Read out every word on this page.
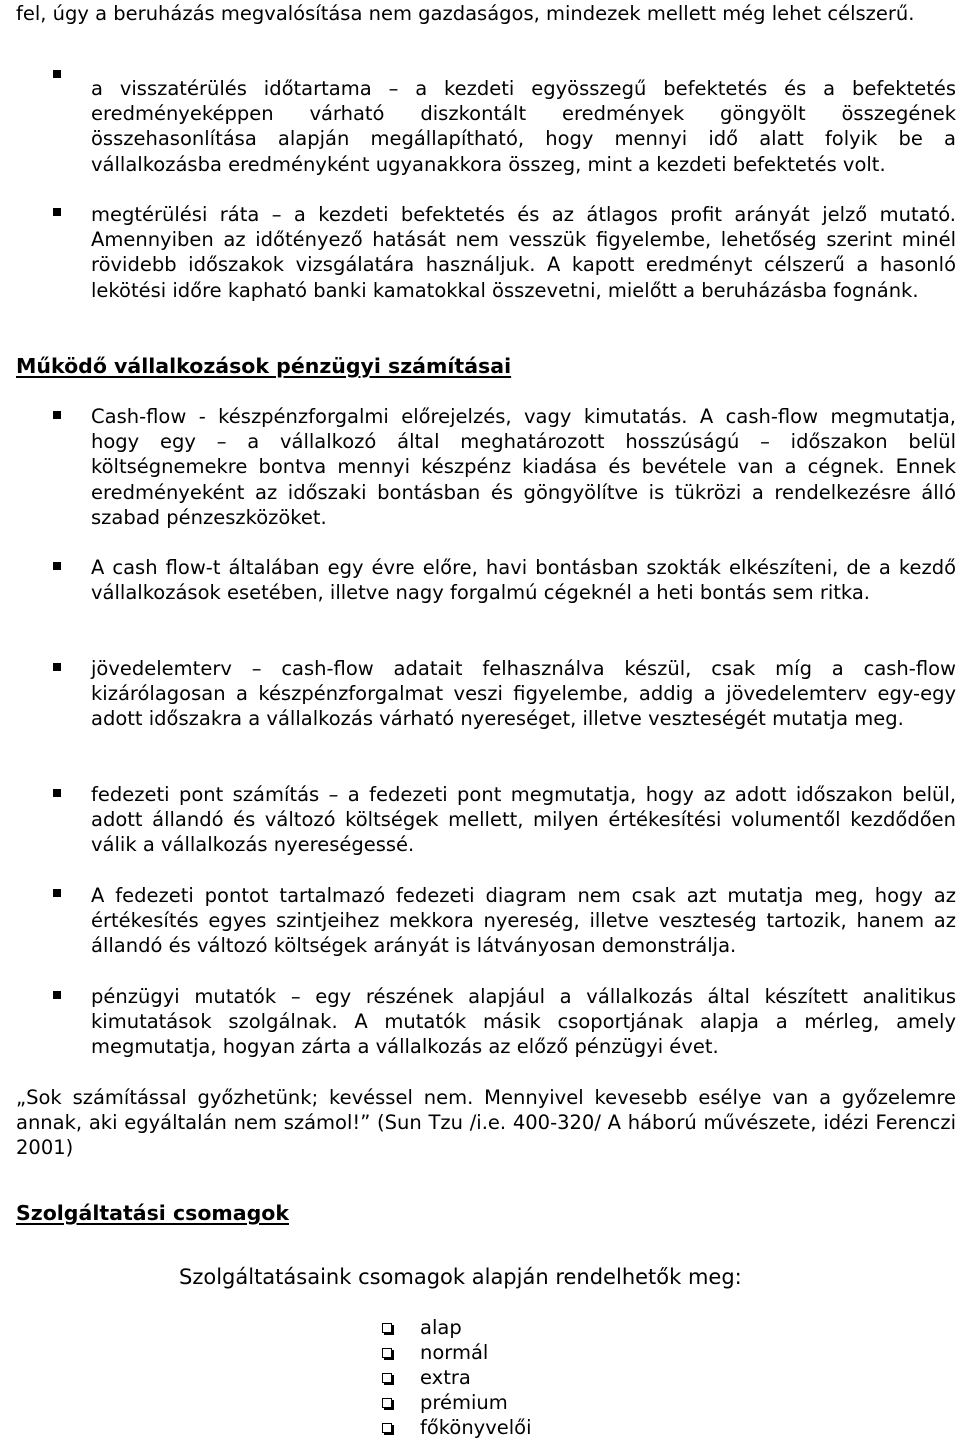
fel, úgy a beruházás megvalósítása nem gazdaságos, mindezek mellett még lehet célszerű.
a visszatérülés időtartama – a kezdeti egyösszegű befektetés és a befektetés eredményeképpen várható diszkontált eredmények göngyölt összegének összehasonlítása alapján megállapítható, hogy mennyi idő alatt folyik be a vállalkozásba eredményként ugyanakkora összeg, mint a kezdeti befektetés volt.
megtérülési ráta – a kezdeti befektetés és az átlagos profit arányát jelző mutató. Amennyiben az időtényező hatását nem vesszük figyelembe, lehetőség szerint minél rövidebb időszakok vizsgálatára használjuk. A kapott eredményt célszerű a hasonló lekötési időre kapható banki kamatokkal összevetni, mielőtt a beruházásba fognánk.
Működő vállalkozások pénzügyi számításai
Cash-flow - készpénzforgalmi előrejelzés, vagy kimutatás. A cash-flow megmutatja, hogy egy – a vállalkozó által meghatározott hosszúságú – időszakon belül költségnemekre bontva mennyi készpénz kiadása és bevétele van a cégnek. Ennek eredményeként az időszaki bontásban és göngyölítve is tükrözi a rendelkezésre álló szabad pénzeszközöket.
A cash flow-t általában egy évre előre, havi bontásban szokták elkészíteni, de a kezdő vállalkozások esetében, illetve nagy forgalmú cégeknél a heti bontás sem ritka.
jövedelemterv – cash-flow adatait felhasználva készül, csak míg a cash-flow kizárólagosan a készpénzforgalmat veszi figyelembe, addig a jövedelemterv egy-egy adott időszakra a vállalkozás várható nyereséget, illetve veszteségét mutatja meg.
fedezeti pont számítás – a fedezeti pont megmutatja, hogy az adott időszakon belül, adott állandó és változó költségek mellett, milyen értékesítési volumentől kezdődően válik a vállalkozás nyereségessé.
A fedezeti pontot tartalmazó fedezeti diagram nem csak azt mutatja meg, hogy az értékesítés egyes szintjeihez mekkora nyereség, illetve veszteség tartozik, hanem az állandó és változó költségek arányát is látványosan demonstrálja.
pénzügyi mutatók – egy részének alapjául a vállalkozás által készített analitikus kimutatások szolgálnak. A mutatók másik csoportjának alapja a mérleg, amely megmutatja, hogyan zárta a vállalkozás az előző pénzügyi évet.
„Sok számítással győzhetünk; kevéssel nem. Mennyivel kevesebb esélye van a győzelemre annak, aki egyáltalán nem számol!” (Sun Tzu /i.e. 400-320/ A háború művészete, idézi Ferenczi 2001)
Szolgáltatási csomagok
Szolgáltatásaink csomagok alapján rendelhetők meg:
alap
normál
extra
prémium
főkönyvelői
